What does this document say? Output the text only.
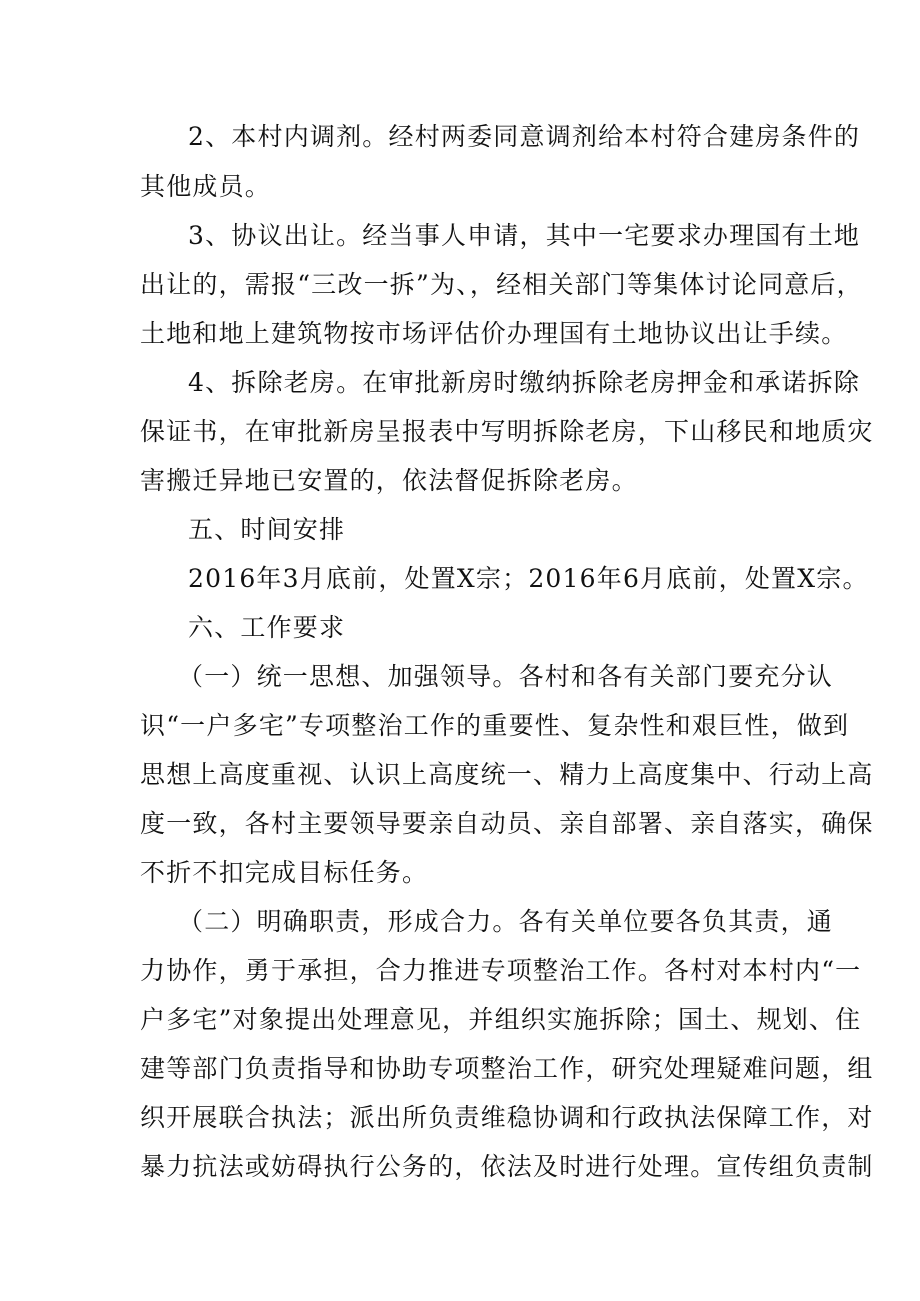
2、本村内调剂。经村两委同意调剂给本村符合建房条件的
其他成员。
3、协议出让。经当事人申请，其中一宅要求办理国有土地
出让的，需报“三改一拆”为、，经相关部门等集体讨论同意后，
土地和地上建筑物按市场评估价办理国有土地协议出让手续。
4、拆除老房。在审批新房时缴纳拆除老房押金和承诺拆除
保证书，在审批新房呈报表中写明拆除老房，下山移民和地质灾
害搬迁异地已安置的，依法督促拆除老房。
五、时间安排
2016年3月底前，处置X宗；2016年6月底前，处置X宗。
六、工作要求
（一）统一思想、加强领导。各村和各有关部门要充分认
识“一户多宅”专项整治工作的重要性、复杂性和艰巨性，做到
思想上高度重视、认识上高度统一、精力上高度集中、行动上高
度一致，各村主要领导要亲自动员、亲自部署、亲自落实，确保
不折不扣完成目标任务。
（二）明确职责，形成合力。各有关单位要各负其责，通
力协作，勇于承担，合力推进专项整治工作。各村对本村内“一
户多宅”对象提出处理意见，并组织实施拆除；国土、规划、住
建等部门负责指导和协助专项整治工作，研究处理疑难问题，组
织开展联合执法；派出所负责维稳协调和行政执法保障工作，对
暴力抗法或妨碍执行公务的，依法及时进行处理。宣传组负责制
